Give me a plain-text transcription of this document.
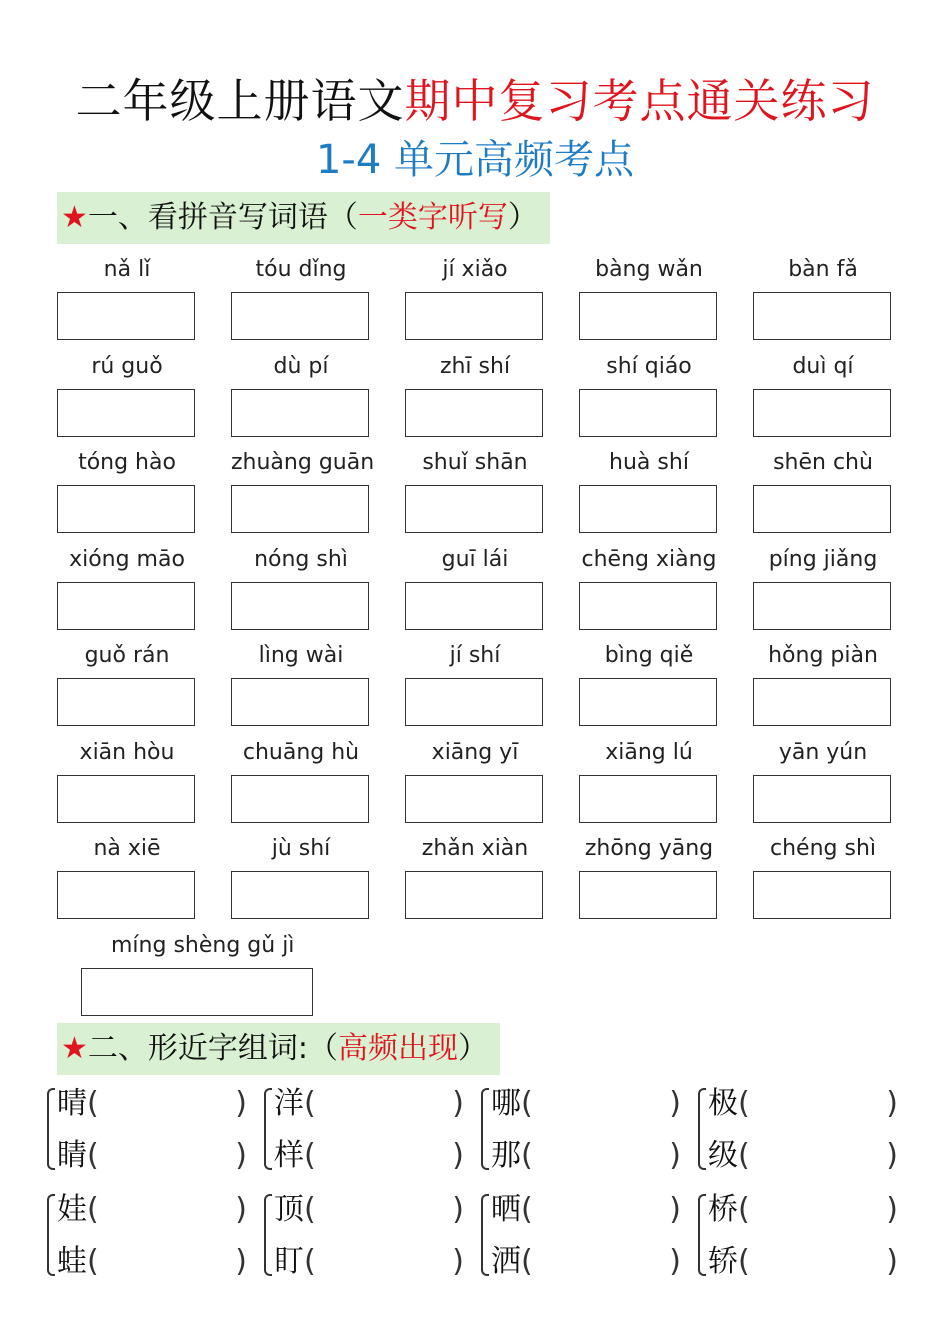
二年级上册语文期中复习考点通关练习
1-4 单元高频考点
★一、看拼音写词语（一类字听写）
nǎ lǐ	tóu dǐng	jí xiǎo	bàng wǎn	bàn fǎ
rú guǒ	dù pí	zhī shí	shí qiáo	duì qí
tóng hào	zhuàng guān	shuǐ shān	huà shí	shēn chù
xióng māo	nóng shì	guī lái	chēng xiàng	píng jiǎng
guǒ rán	lìng wài	jí shí	bìng qiě	hǒng piàn
xiān hòu	chuāng hù	xiāng yī	xiāng lú	yān yún
nà xiē	jù shí	zhǎn xiàn	zhōng yāng	chéng shì
míng shèng gǔ jì
★二、形近字组词:（高频出现）
晴(	)
睛(	)
洋(	)
样(	)
哪(	)
那(	)
极(	)
级(	)
娃(	)
蛙(	)
顶(	)
盯(	)
晒(	)
洒(	)
桥(	)
轿(	)
